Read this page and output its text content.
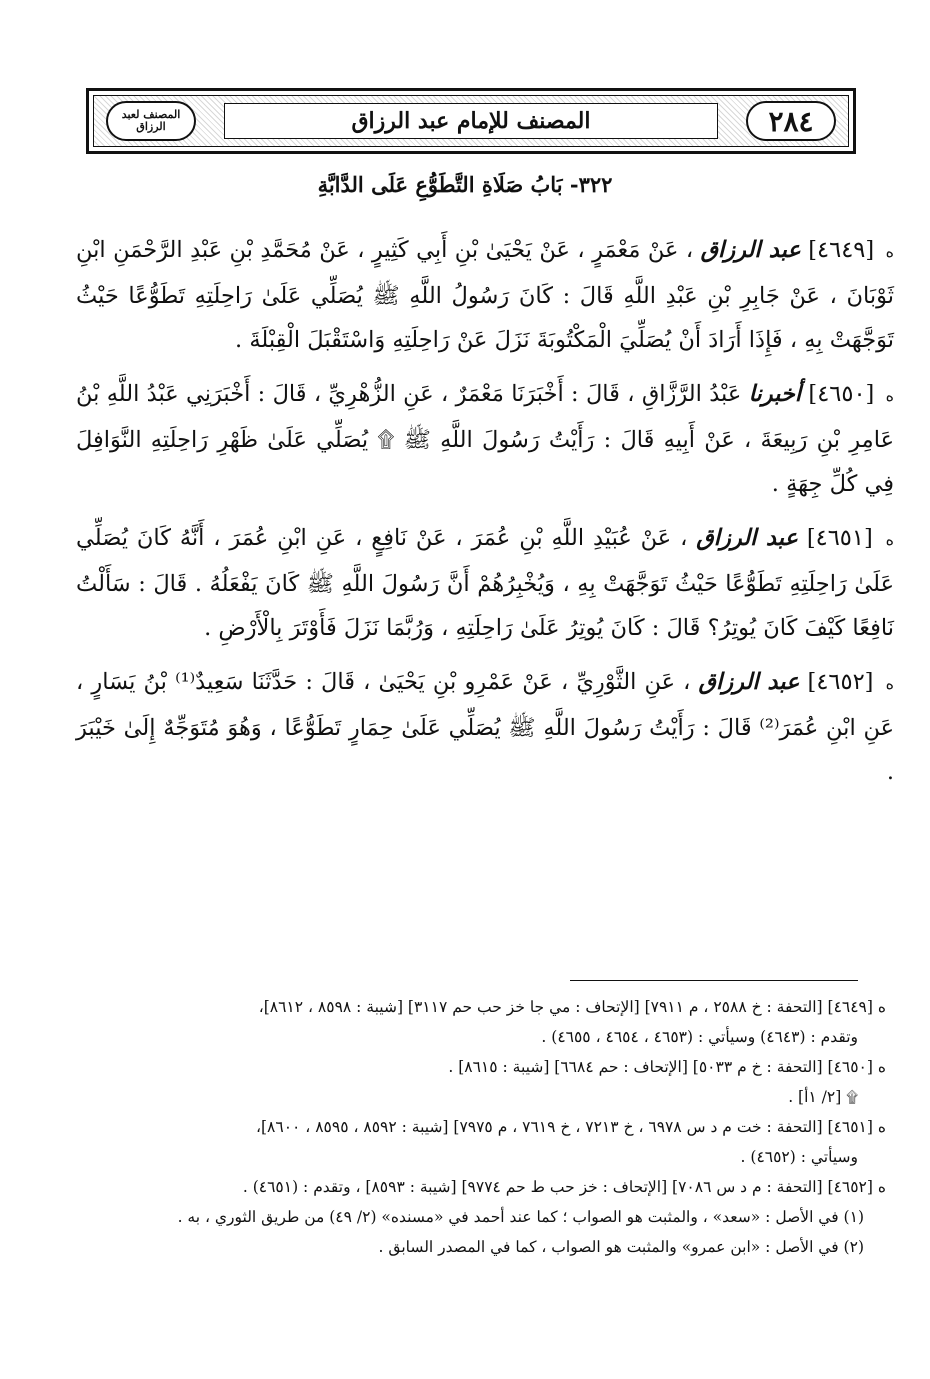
٢٨٤
المصنف للإمام عبد الرزاق
المصنف لعبد الرزاق
٣٢٢- بَابُ صَلَاةِ التَّطَوُّعِ عَلَى الدَّابَّةِ

ه [٤٦٤٩] عبد الرزاق ، عَنْ مَعْمَرٍ ، عَنْ يَحْيَىٰ بْنِ أَبِي كَثِيرٍ ، عَنْ مُحَمَّدِ بْنِ عَبْدِ الرَّحْمَنِ ابْنِ ثَوْبَانَ ، عَنْ جَابِرِ بْنِ عَبْدِ اللَّهِ قَالَ : كَانَ رَسُولُ اللَّهِ ﷺ يُصَلِّي عَلَىٰ رَاحِلَتِهِ تَطَوُّعًا حَيْثُ تَوَجَّهَتْ بِهِ ، فَإِذَا أَرَادَ أَنْ يُصَلِّيَ الْمَكْتُوبَةَ نَزَلَ عَنْ رَاحِلَتِهِ وَاسْتَقْبَلَ الْقِبْلَةَ .

ه [٤٦٥٠] أخبرنا عَبْدُ الرَّزَّاقِ ، قَالَ : أَخْبَرَنَا مَعْمَرٌ ، عَنِ الزُّهْرِيِّ ، قَالَ : أَخْبَرَنِي عَبْدُ اللَّهِ بْنُ عَامِرِ بْنِ رَبِيعَةَ ، عَنْ أَبِيهِ قَالَ : رَأَيْتُ رَسُولَ اللَّهِ ﷺ ۩ يُصَلِّي عَلَىٰ ظَهْرِ رَاحِلَتِهِ النَّوَافِلَ فِي كُلِّ جِهَةٍ .

ه [٤٦٥١] عبد الرزاق ، عَنْ عُبَيْدِ اللَّهِ بْنِ عُمَرَ ، عَنْ نَافِعٍ ، عَنِ ابْنِ عُمَرَ ، أَنَّهُ كَانَ يُصَلِّي عَلَىٰ رَاحِلَتِهِ تَطَوُّعًا حَيْثُ تَوَجَّهَتْ بِهِ ، وَيُخْبِرُهُمْ أَنَّ رَسُولَ اللَّهِ ﷺ كَانَ يَفْعَلُهُ . قَالَ : سَأَلْتُ نَافِعًا كَيْفَ كَانَ يُوتِرُ؟ قَالَ : كَانَ يُوتِرُ عَلَىٰ رَاحِلَتِهِ ، وَرُبَّمَا نَزَلَ فَأَوْتَرَ بِالْأَرْضِ .

ه [٤٦٥٢] عبد الرزاق ، عَنِ الثَّوْرِيِّ ، عَنْ عَمْرِو بْنِ يَحْيَىٰ ، قَالَ : حَدَّثَنَا سَعِيدٌ⁽¹⁾ بْنُ يَسَارٍ ، عَنِ ابْنِ عُمَرَ⁽²⁾ قَالَ : رَأَيْتُ رَسُولَ اللَّهِ ﷺ يُصَلِّي عَلَىٰ حِمَارٍ تَطَوُّعًا ، وَهُوَ مُتَوَجِّهٌ إِلَىٰ خَيْبَرَ .

ه [٤٦٤٩] [التحفة : خ ٢٥٨٨ ، م ٧٩١١] [الإتحاف : مي جا خز حب حم ٣١١٧] [شيبة : ٨٥٩٨ ، ٨٦١٢]،

وتقدم : (٤٦٤٣) وسيأتي : (٤٦٥٣ ، ٤٦٥٤ ، ٤٦٥٥) .

ه [٤٦٥٠] [التحفة : خ م ٥٠٣٣] [الإتحاف : حم ٦٦٨٤] [شيبة : ٨٦١٥] .

۩ [٢/ ١أ] .

ه [٤٦٥١] [التحفة : خت م د س ٦٩٧٨ ، خ ٧٢١٣ ، خ ٧٦١٩ ، م ٧٩٧٥] [شيبة : ٨٥٩٢ ، ٨٥٩٥ ، ٨٦٠٠]،

وسيأتي : (٤٦٥٢) .

ه [٤٦٥٢] [التحفة : م د س ٧٠٨٦] [الإتحاف : خز حب ط حم ٩٧٧٤] [شيبة : ٨٥٩٣] ، وتقدم : (٤٦٥١) .

(١) في الأصل : «سعد» ، والمثبت هو الصواب ؛ كما عند أحمد في «مسنده» (٢/ ٤٩) من طريق الثوري ، به .

(٢) في الأصل : «ابن عمرو» والمثبت هو الصواب ، كما في المصدر السابق .
